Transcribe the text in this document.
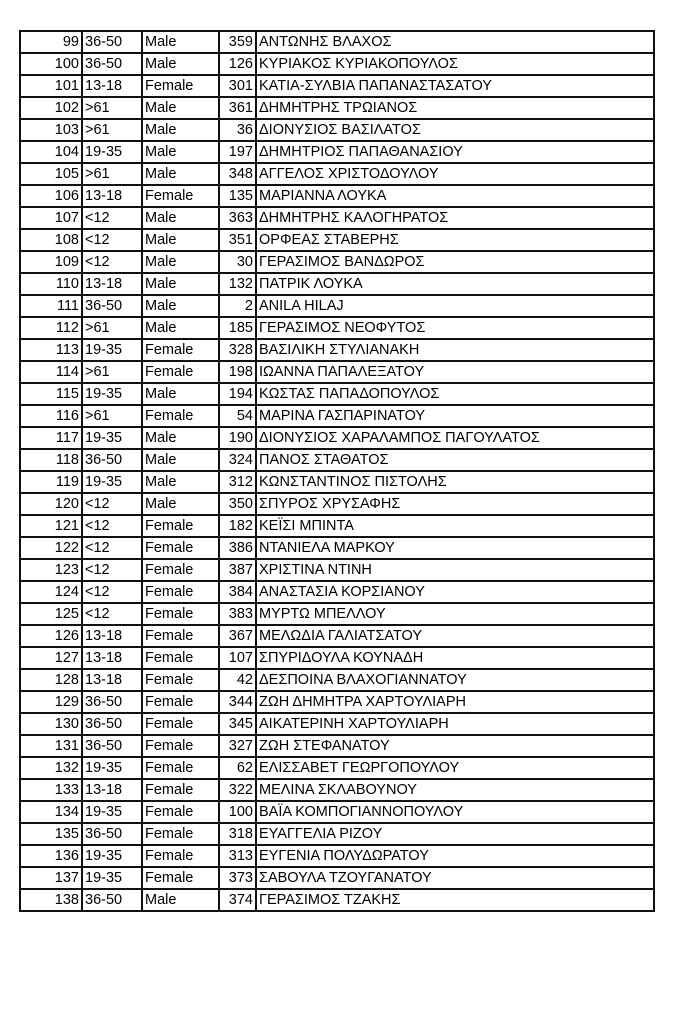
99	36-50	Male	359	ΑΝΤΩΝΗΣ ΒΛΑΧΟΣ
100	36-50	Male	126	ΚΥΡΙΑΚΟΣ ΚΥΡΙΑΚΟΠΟΥΛΟΣ
101	13-18	Female	301	ΚΑΤΙΑ-ΣΥΛΒΙΑ ΠΑΠΑΝΑΣΤΑΣΑΤΟΥ
102	>61	Male	361	ΔΗΜΗΤΡΗΣ ΤΡΩΙΑΝΟΣ
103	>61	Male	36	ΔΙΟΝΥΣΙΟΣ ΒΑΣΙΛΑΤΟΣ
104	19-35	Male	197	ΔΗΜΗΤΡΙΟΣ ΠΑΠΑΘΑΝΑΣΙΟΥ
105	>61	Male	348	ΑΓΓΕΛΟΣ ΧΡΙΣΤΟΔΟΥΛΟΥ
106	13-18	Female	135	ΜΑΡΙΑΝΝΑ ΛΟΥΚΑ
107	<12	Male	363	ΔΗΜΗΤΡΗΣ ΚΑΛΟΓΗΡΑΤΟΣ
108	<12	Male	351	ΟΡΦΕΑΣ ΣΤΑΒΕΡΗΣ
109	<12	Male	30	ΓΕΡΑΣΙΜΟΣ ΒΑΝΔΩΡΟΣ
110	13-18	Male	132	ΠΑΤΡΙΚ ΛΟΥΚΑ
111	36-50	Male	2	ANILA HILAJ
112	>61	Male	185	ΓΕΡΑΣΙΜΟΣ ΝΕΟΦΥΤΟΣ
113	19-35	Female	328	ΒΑΣΙΛΙΚΗ ΣΤΥΛΙΑΝΑΚΗ
114	>61	Female	198	ΙΩΑΝΝΑ ΠΑΠΑΛΕΞΑΤΟΥ
115	19-35	Male	194	ΚΩΣΤΑΣ ΠΑΠΑΔΟΠΟΥΛΟΣ
116	>61	Female	54	ΜΑΡΙΝΑ ΓΑΣΠΑΡΙΝΑΤΟΥ
117	19-35	Male	190	ΔΙΟΝΥΣΙΟΣ ΧΑΡΑΛΑΜΠΟΣ ΠΑΓΟΥΛΑΤΟΣ
118	36-50	Male	324	ΠΑΝΟΣ ΣΤΑΘΑΤΟΣ
119	19-35	Male	312	ΚΩΝΣΤΑΝΤΙΝΟΣ ΠΙΣΤΟΛΗΣ
120	<12	Male	350	ΣΠΥΡΟΣ ΧΡΥΣΑΦΗΣ
121	<12	Female	182	ΚΕΪΣΙ ΜΠΙΝΤΑ
122	<12	Female	386	ΝΤΑΝΙΕΛΑ ΜΑΡΚΟΥ
123	<12	Female	387	ΧΡΙΣΤΙΝΑ ΝΤΙΝΗ
124	<12	Female	384	ΑΝΑΣΤΑΣΙΑ ΚΟΡΣΙΑΝΟΥ
125	<12	Female	383	ΜΥΡΤΩ ΜΠΕΛΛΟΥ
126	13-18	Female	367	ΜΕΛΩΔΙΑ ΓΑΛΙΑΤΣΑΤΟΥ
127	13-18	Female	107	ΣΠΥΡΙΔΟΥΛΑ ΚΟΥΝΑΔΗ
128	13-18	Female	42	ΔΕΣΠΟΙΝΑ ΒΛΑΧΟΓΙΑΝΝΑΤΟΥ
129	36-50	Female	344	ΖΩΗ ΔΗΜΗΤΡΑ ΧΑΡΤΟΥΛΙΑΡΗ
130	36-50	Female	345	ΑΙΚΑΤΕΡΙΝΗ ΧΑΡΤΟΥΛΙΑΡΗ
131	36-50	Female	327	ΖΩΗ ΣΤΕΦΑΝΑΤΟΥ
132	19-35	Female	62	ΕΛΙΣΣΑΒΕΤ ΓΕΩΡΓΟΠΟΥΛΟΥ
133	13-18	Female	322	ΜΕΛΙΝΑ ΣΚΛΑΒΟΥΝΟΥ
134	19-35	Female	100	ΒΑΪΑ ΚΟΜΠΟΓΙΑΝΝΟΠΟΥΛΟΥ
135	36-50	Female	318	ΕΥΑΓΓΕΛΙΑ ΡΙΖΟΥ
136	19-35	Female	313	ΕΥΓΕΝΙΑ ΠΟΛΥΔΩΡΑΤΟΥ
137	19-35	Female	373	ΣΑΒΟΥΛΑ ΤΖΟΥΓΑΝΑΤΟΥ
138	36-50	Male	374	ΓΕΡΑΣΙΜΟΣ ΤΖΑΚΗΣ
